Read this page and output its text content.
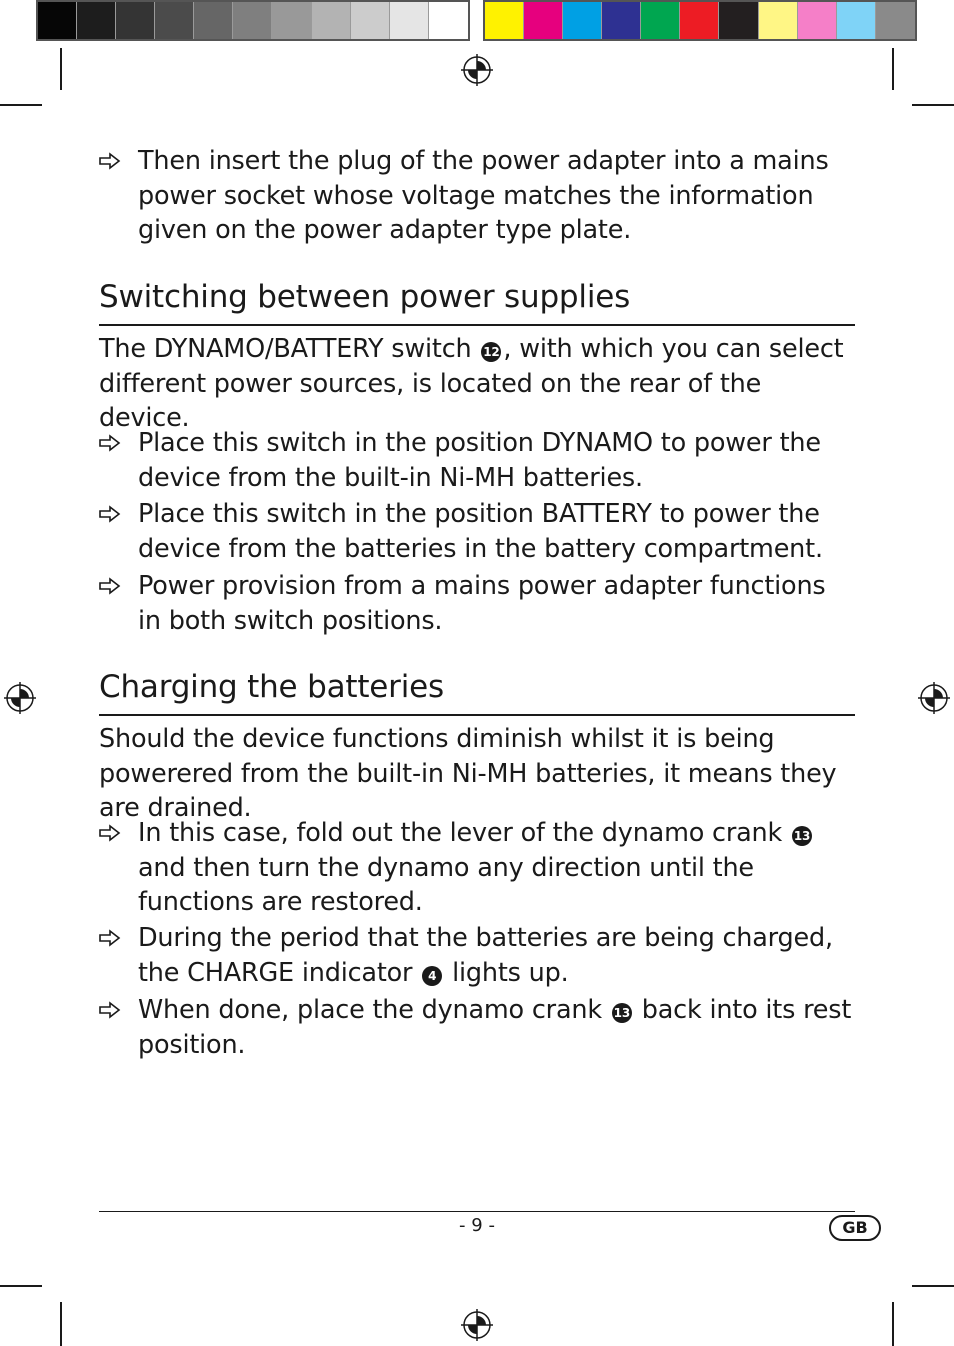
Then insert the plug of the power adapter into a mains power socket whose voltage matches the information given on the power adapter type plate.
Switching between power supplies
The DYNAMO/BATTERY switch 12 , with which you can select different power sources, is located on the rear of the device.
Place this switch in the position DYNAMO to power the device from the built-in Ni-MH batteries.
Place this switch in the position BATTERY to power the device from the batteries in the battery compartment.
Power provision from a mains power adapter functions in both switch positions.
Charging the batteries
Should the device functions diminish whilst it is being powerered from the built-in Ni-MH batteries, it means they are drained.
In this case, fold out the lever of the dynamo crank 13 and then turn the dynamo any direction until the functions are restored.
During the period that the batteries are being charged, the CHARGE indicator 4 lights up.
When done, place the dynamo crank 13 back into its rest position.
- 9 -	GB
